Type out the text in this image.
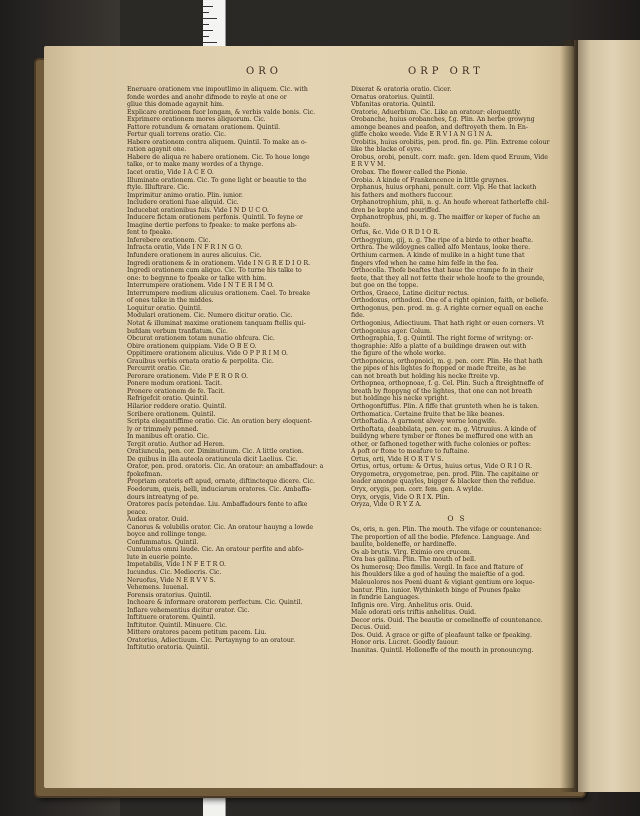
ORO	ORP ORT
Eneruare orationem vne impoutlimo in aliquem. Cic. with
fonde wordes and anohr difmode to reyle at one or
gliue this domade agaynit him.
Explicare orationem fuor longam, & verbis valde bonis. Cic.
Exprimere orationem mores aliquorum. Cic.
Fattore rotundum & ornatam orationem. Quintil.
Fertur quali torrens oratio. Cic.
Habere orationem contra aliquem. Quintil. To make an o-
ration agaynit one.
Habere de aliqua re habere orationem. Cic. To houe longe
talke, or to make many wordes of a thynge.
Iacet oratio, Vide I A C E O.
Illuminate orationem. Cic. To gone light or beautie to the
ftyle. Illuftrare. Cic.
Imprimitur animo oratio. Plin. iunior.
Includere orationi fuae aliquid. Cic.
Inducebat orationibus fuis. Vide I N D U C O.
Inducere fictam orationem perfonis. Quintil. To feyne or
Imagine dertie perfons to fpeake: to make perfons ab-
fent to fpeake.
Inferebere orationem. Cic.
Infracta oratio, Vide I N F R I N G O.
Infundere orationem in aures alicuius. Cic.
Ingredi orationem & in orationem. Vide I N G R E D I O R.
Ingredi orationem cum aliquo. Cic. To turne his talke to
one: to begynne to fpeake or talke with him.
Interrumpere orationem. Vide I N T E R I M O.
Interrumpere medium alicuius orationem. Cael. To breake
of ones talke in the middes.
Loquitur oratio. Quintil.
Modulari orationem. Cic. Numero dicitur oratio. Cic.
Notat & illuminat maxime orationem tanquam ftellis qui-
bufdam verbum tranflatum. Cic.
Obcurat orationem totam nunatio obfcura. Cic.
Obire orationem quippiam. Vide O B E O.
Oppitimere orationem alicuius. Vide O P P R I M O.
Grauibus verbis ornata oratio & perpolita. Cic.
Percurrit oratio. Cic.
Perorare orationem. Vide P E R O R O.
Ponere modum orationi. Tacit.
Pronere orationem de fe. Tacit.
Refrigefcit oratio. Quintil.
Hilarior reddere oratio. Quintil.
Scribere orationem. Quintil.
Scripta elegantiffime oratio. Cic. An oration bery eloquent-
ly or trimmely penned.
In manibus eft oratio. Cic.
Tergit oratio. Author ad Heren.
Oratiuncula, pen. cor. Diminutiuum. Cic. A little oration.
De quibus in illa auteola oratiuncula dicit Laelius. Cic.
Orator, pen. prod. oratoris. Cic. An oratour: an ambaffadour: a
fpokefman.
Propriam oratoris eft apud, ornate, diftincteque dicere. Cic.
Foedorum, queis, belli, induciarum oratores. Cic. Ambaffa-
dours intreatyng of pe.
Oratores pacis petendae. Liu. Ambaffadours fente to afke
peace.
Audax orator. Ouid.
Canorus & volubilis orator. Cic. An oratour hauyng a lowde
boyce and rollinge tonge.
Confummatus. Quintil.
Cumulatus omni laude. Cic. An oratour perfite and abfo-
lute in euerie pointe.
Impetabilis, Vide I N F E T R O.
Iucundus. Cic. Mediocris. Cic.
Neruofus, Vide N E R V V S.
Vehemens. Iuuenal.
Forensis oratorius. Quintil.
Inchoare & informare oratorem perfectum. Cic. Quintil.
Inflare vehementius dicitur orator. Cic.
Inftituere oratorem. Quintil.
Inftitutor. Quintil. Minuere. Cic.
Mittere oratores pacem petitum pacem. Liu.
Oratorius, Adiectiuum. Cic. Pertaynyng to an oratour.
Inftitutio oratoria. Quintil.
Dixerat & oratoria oratio. Cicer.
Ornatus oratorius. Quintil.
Vbfanitas oratoria. Quintil.
Oratorie, Aduerbium. Cic. Like an oratour: eloquently.
Orobanche, huius orobanches, f.g. Plin. An herbe growyng
amonge beanes and peafon, and deftroyeth them. In En-
gliffe choke weede. Vide E R V I A N G I N A.
Orobitis, huius orobitis, pen. prod. fin. ge. Plin. Extreme colour
like the blacke of eyre.
Orobus, orobi, penult. corr. mafc. gen. Idem quod Eruum, Vide
E R V V M.
Orobax. The flower called the Pionie.
Orobia. A kinde of Frankencence in little gruynes.
Orphanus, huius orphani, penult. corr. Vlp. He that lacketh
his fathers and mothers fuccour.
Orphanotrophium, phii, n. g. An houfe whereat fatherleffe chil-
dren be kepte and nouriffed.
Orphanotrophus, phi, m. g. The maiffer or keper of fuche an
houfe.
Orfus, &c. Vide O R D I O R.
Orthogygium, gij, n. g. The ripe of a birde to other beafte.
Orthra. The wildoygnes called alfo Mentaus, looke there.
Orthium carmen. A kinde of mulike in a hight tune that
fingers vfed when he came him felfe in the fea.
Orthocolla. Thofe beaftes that haue the crampe fo in their
feete, that they all not fette their whole hoofe to the grounde,
but goe on the toppe.
Orthos, Graece, Latine dicitur rectus.
Orthodoxus, orthodoxi. One of a right opinion, faith, or beliefe.
Orthogonus, pen. prod. m. g. A righte corner equall on eache
fide.
Orthogonius, Adiectiuum. That hath right or euen corners. Vt
Orthogonius ager. Colum.
Orthographia, f. g. Quintil. The right forme of writyng: or-
thographie: Alfo a platte of a buildinge drawen out with
the figure of the whole worke.
Orthopnoicus, orthopnoici, m. g. pen. corr. Plin. He that hath
the pipes of his lightes fo ftopped or made ftreite, as he
can not breath but holding his necke ftreite vp.
Orthopnea, orthopnoae, f. g. Cel. Plin. Such a ftreightneffe of
breath by ftoppyng of the lightes, that one can not breath
but holdinge his necke vpright.
Orthogonftiffus. Plin. A fiffe that grunteth when he is taken.
Orthomatica. Certaine fruite that be like beanes.
Orthoftadia. A garment alwey worne longwife.
Orthoftata, deabbilata, pen. cor. m. g. Vitruuius. A kinde of
buildyng where tymber or ftones be meffured one with an
other, or fafhoned together with fuche colonies or poftes:
A poft or ftone to meafure to fuftaine.
Ortus, orti, Vide H O R T V S.
Ortus, ortus, ortum: & Ortus, huius ortus, Vide O R I O R.
Orygometra, orygometrae, pen. prod. Plin. The capitaine or
leader amonge quayles, bigger & blacker then the refidue.
Oryx, orygis, pen. corr. fem. gen. A wylde.
Oryx, orygis, Vide O R I X. Plin.
Oryza, Vide O R Y Z A.
OS
Os, oris, n. gen. Plin. The mouth. The vifage or countenance:
The proportion of all the bodie. Pfefence. Language. And
baulite, boldeneffe, or hardineffe.
Os ab brutis. Virg. Eximio ore crucem.
Ora bas gallina. Plin. The mouth of bell.
Os humerosq; Deo fimilis. Vergil. In face and ftature of
his fhoulders like a god of hauing the maieftie of a god.
Maleuolores nos Poeni duant & vigiant gentium ore loque-
bantur. Plin. iunior. Wythinketh binge of Pounes fpake
in fundrie Languages.
Infignis ore. Virg. Anhelitus oris. Ouid.
Male odorati oris triftis anhelitus. Ouid.
Decor oris. Ouid. The beautie or comelineffe of countenance.
Decus. Ouid.
Dos. Ouid. A grace or gifte of pleafaunt talke or fpeaking.
Honor oris. Lucret. Goodly fauour.
Inanitas. Quintil. Holloneffe of the mouth in pronouncyng.
